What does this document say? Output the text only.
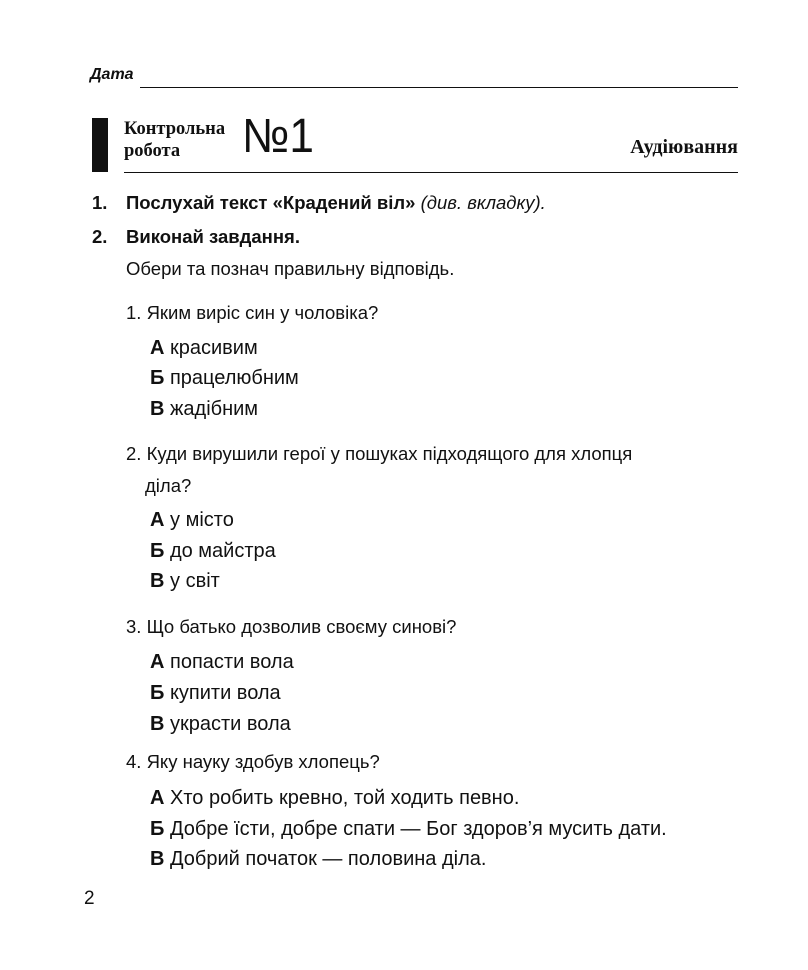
Дата
Контрольна
робота	№1	Аудіювання
1. Послухай текст «Крадений віл» (див. вкладку).
2. Виконай завдання.
Обери та познач правильну відповідь.
1. Яким виріс син у чоловіка?
А красивим
Б працелюбним
В жадібним
2. Куди вирушили герої у пошуках підходящого для хлопця
діла?
А у місто
Б до майстра
В у світ
3. Що батько дозволив своєму синові?
А попасти вола
Б купити вола
В украсти вола
4. Яку науку здобув хлопець?
А Хто робить кревно, той ходить певно.
Б Добре їсти, добре спати — Бог здоров’я мусить дати.
В Добрий початок — половина діла.
2
